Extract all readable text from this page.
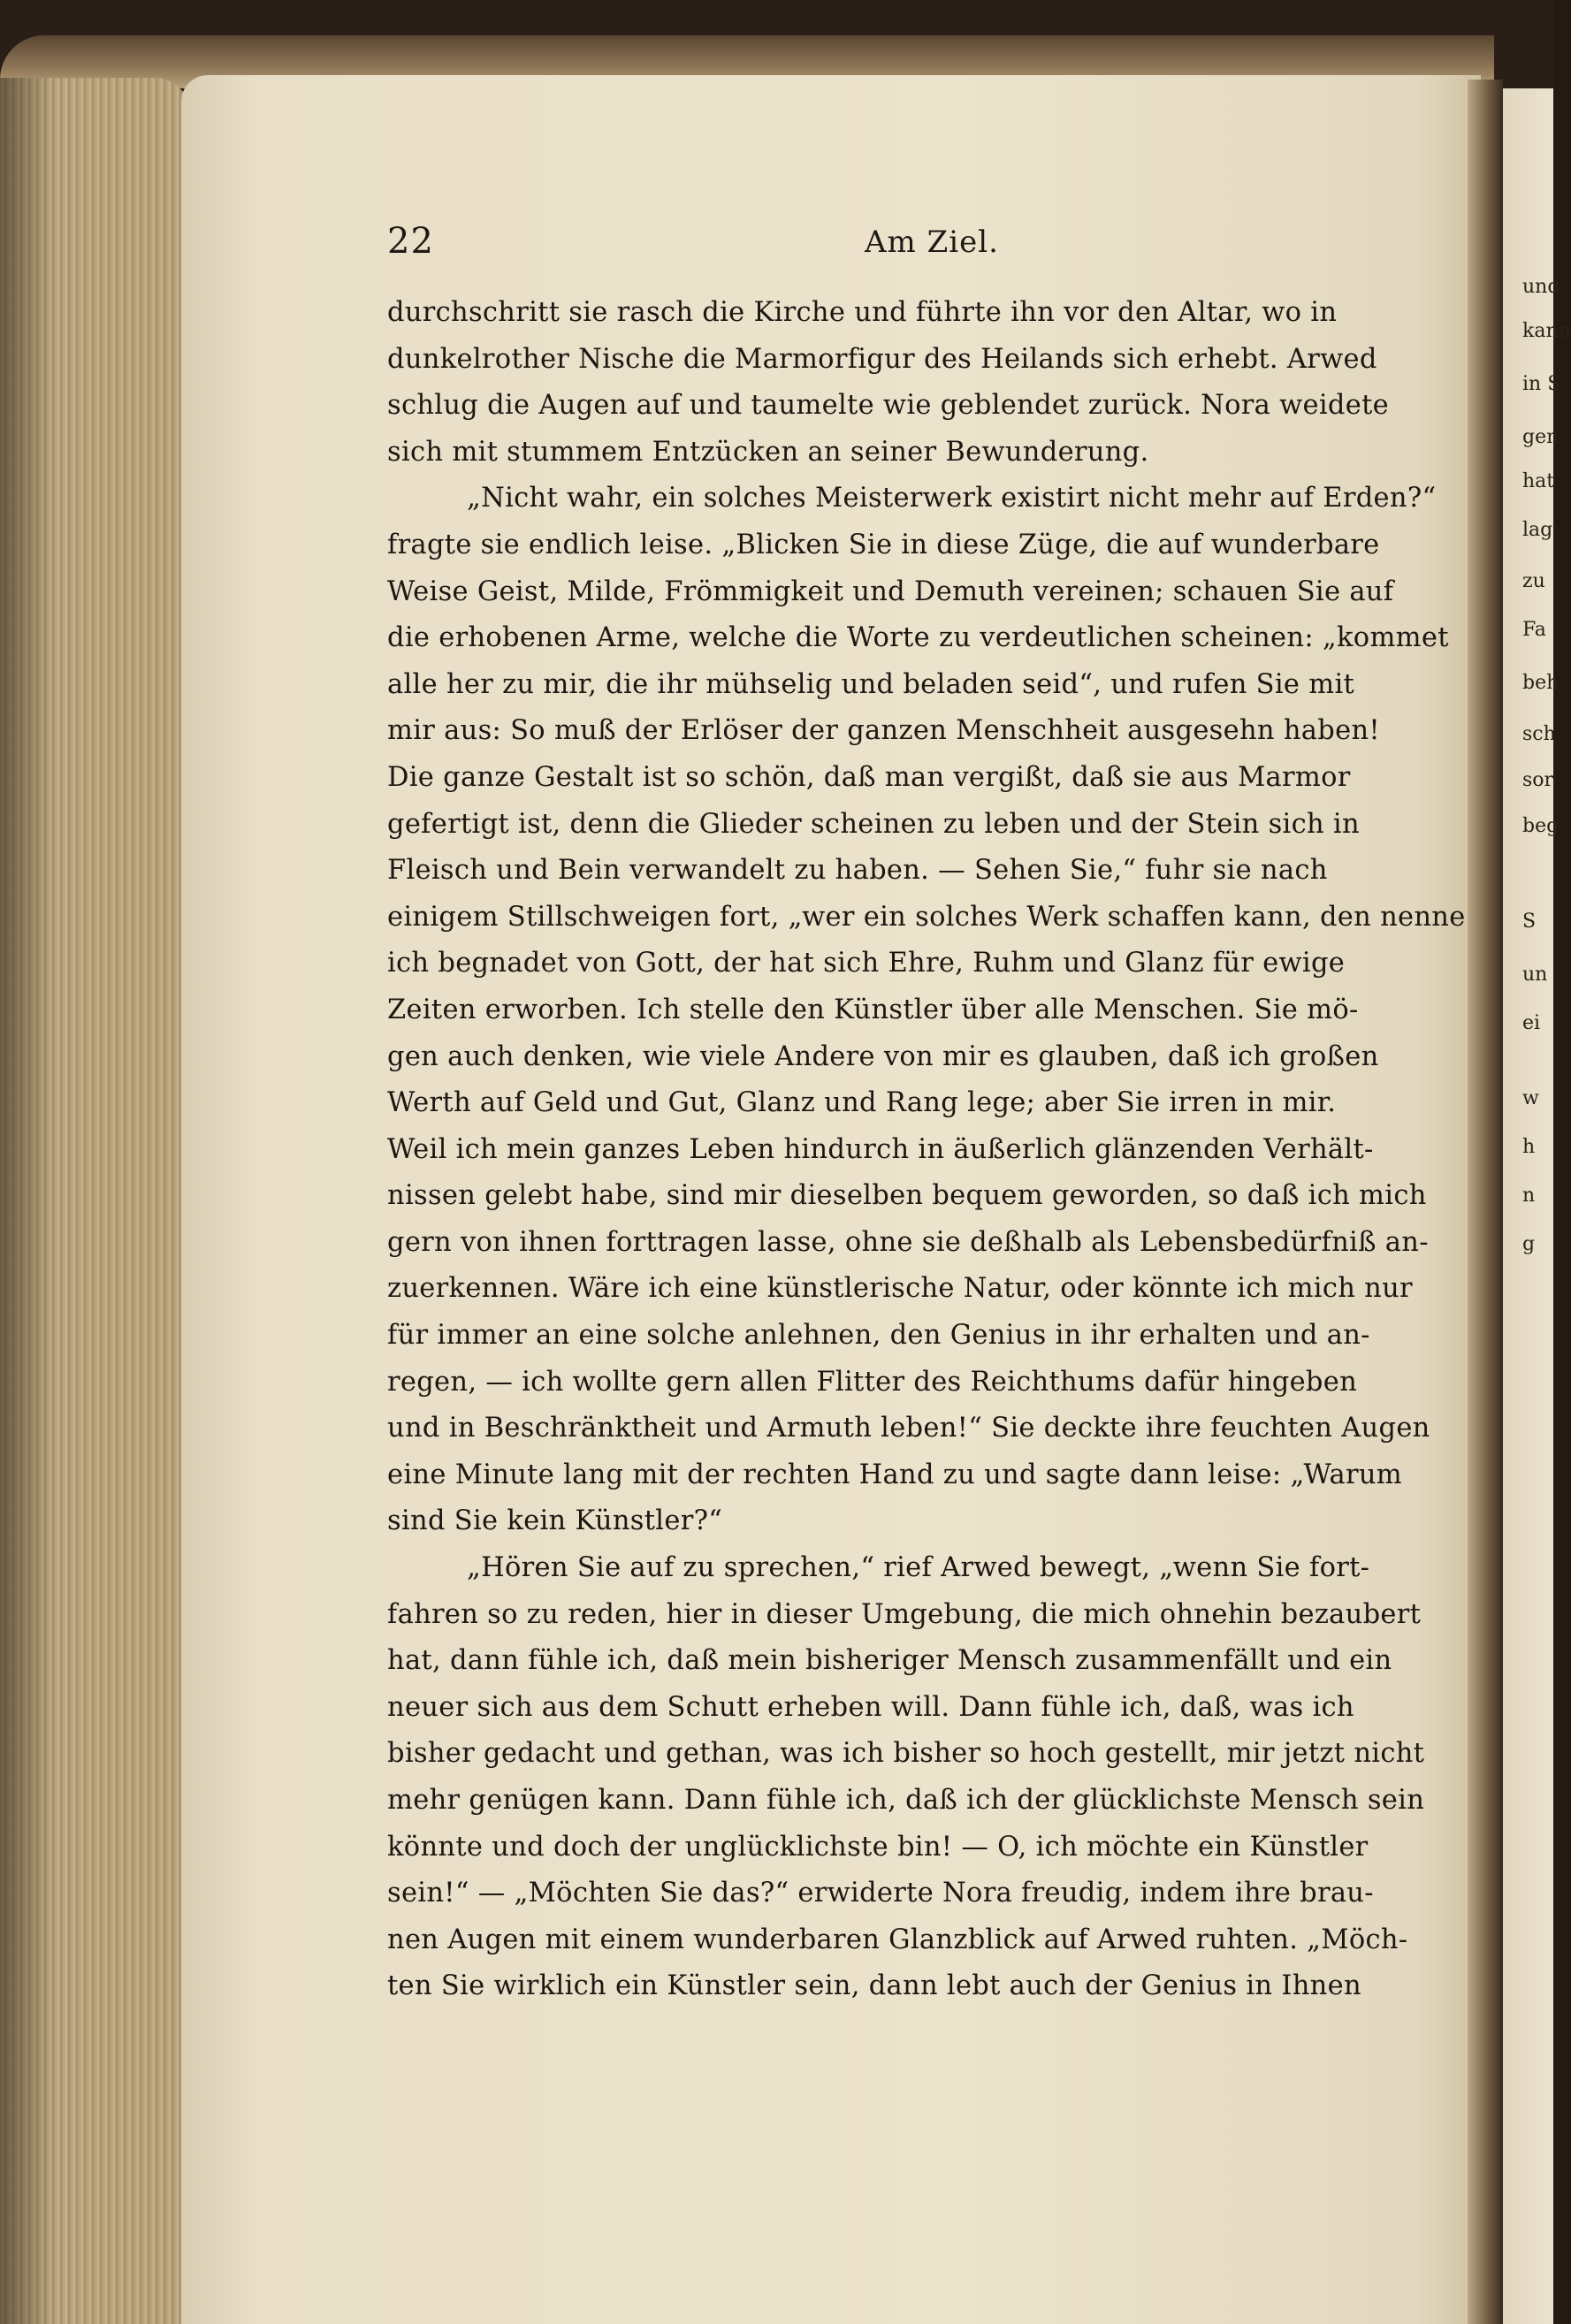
und
kann
in S
gen
hat
lag
zu
Fa
beh
sch
sor
beg
S
un
ei
w
h
n
g
22	Am Ziel.
durchschritt sie rasch die Kirche und führte ihn vor den Altar, wo in
dunkelrother Nische die Marmorfigur des Heilands sich erhebt. Arwed
schlug die Augen auf und taumelte wie geblendet zurück. Nora weidete
sich mit stummem Entzücken an seiner Bewunderung.
„Nicht wahr, ein solches Meisterwerk existirt nicht mehr auf Erden?“
fragte sie endlich leise. „Blicken Sie in diese Züge, die auf wunderbare
Weise Geist, Milde, Frömmigkeit und Demuth vereinen; schauen Sie auf
die erhobenen Arme, welche die Worte zu verdeutlichen scheinen: „kommet
alle her zu mir, die ihr mühselig und beladen seid“, und rufen Sie mit
mir aus: So muß der Erlöser der ganzen Menschheit ausgesehn haben!
Die ganze Gestalt ist so schön, daß man vergißt, daß sie aus Marmor
gefertigt ist, denn die Glieder scheinen zu leben und der Stein sich in
Fleisch und Bein verwandelt zu haben. — Sehen Sie,“ fuhr sie nach
einigem Stillschweigen fort, „wer ein solches Werk schaffen kann, den nenne
ich begnadet von Gott, der hat sich Ehre, Ruhm und Glanz für ewige
Zeiten erworben. Ich stelle den Künstler über alle Menschen. Sie mö-
gen auch denken, wie viele Andere von mir es glauben, daß ich großen
Werth auf Geld und Gut, Glanz und Rang lege; aber Sie irren in mir.
Weil ich mein ganzes Leben hindurch in äußerlich glänzenden Verhält-
nissen gelebt habe, sind mir dieselben bequem geworden, so daß ich mich
gern von ihnen forttragen lasse, ohne sie deßhalb als Lebensbedürfniß an-
zuerkennen. Wäre ich eine künstlerische Natur, oder könnte ich mich nur
für immer an eine solche anlehnen, den Genius in ihr erhalten und an-
regen, — ich wollte gern allen Flitter des Reichthums dafür hingeben
und in Beschränktheit und Armuth leben!“ Sie deckte ihre feuchten Augen
eine Minute lang mit der rechten Hand zu und sagte dann leise: „Warum
sind Sie kein Künstler?“
„Hören Sie auf zu sprechen,“ rief Arwed bewegt, „wenn Sie fort-
fahren so zu reden, hier in dieser Umgebung, die mich ohnehin bezaubert
hat, dann fühle ich, daß mein bisheriger Mensch zusammenfällt und ein
neuer sich aus dem Schutt erheben will. Dann fühle ich, daß, was ich
bisher gedacht und gethan, was ich bisher so hoch gestellt, mir jetzt nicht
mehr genügen kann. Dann fühle ich, daß ich der glücklichste Mensch sein
könnte und doch der unglücklichste bin! — O, ich möchte ein Künstler
sein!“ — „Möchten Sie das?“ erwiderte Nora freudig, indem ihre brau-
nen Augen mit einem wunderbaren Glanzblick auf Arwed ruhten. „Möch-
ten Sie wirklich ein Künstler sein, dann lebt auch der Genius in Ihnen
